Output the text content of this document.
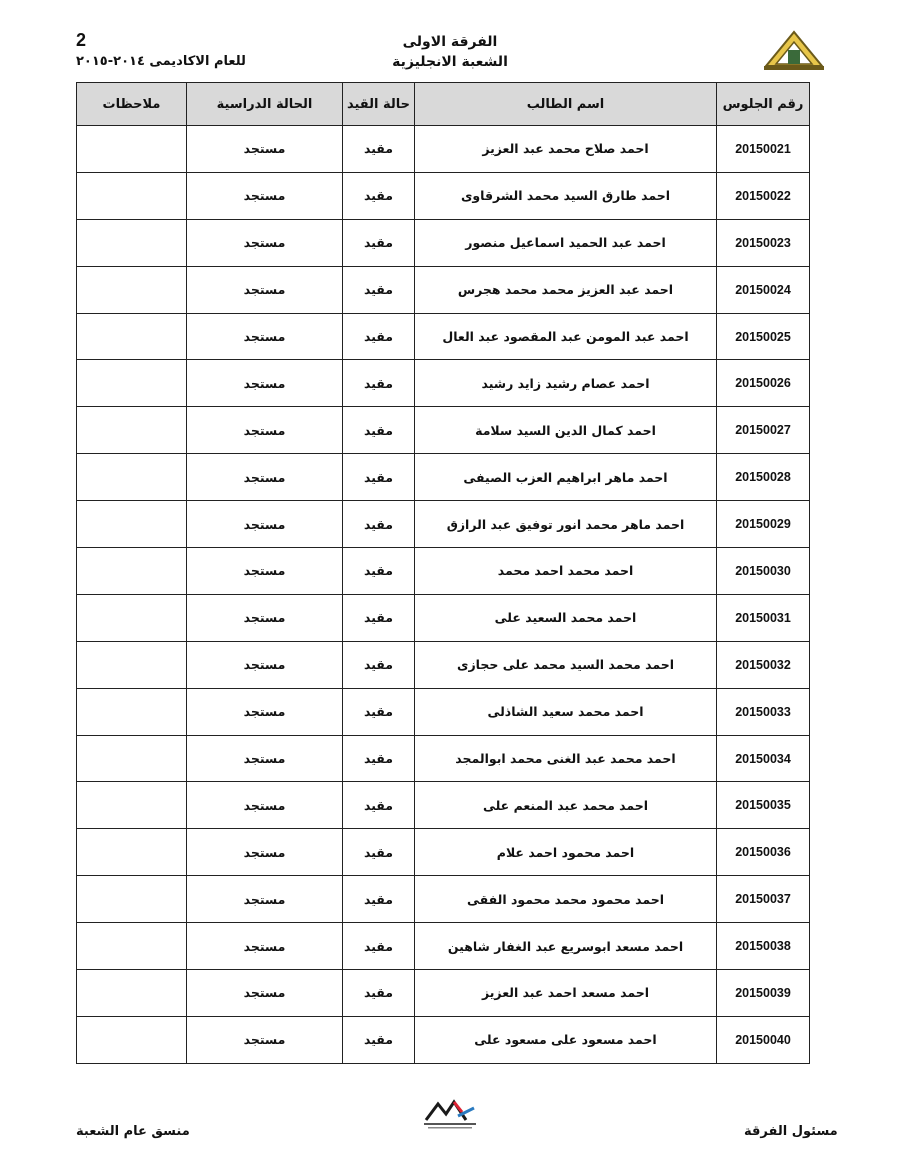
2
للعام الاكاديمى ٢٠١٤-٢٠١٥
الفرقة الاولى
الشعبة الانجليزية
ملاحظات	الحالة الدراسية	حالة القيد	اسم الطالب	رقم الجلوس
	مستجد	مقيد	احمد صلاح محمد عبد العزيز	20150021
	مستجد	مقيد	احمد طارق السيد محمد الشرقاوى	20150022
	مستجد	مقيد	احمد عبد الحميد اسماعيل منصور	20150023
	مستجد	مقيد	احمد عبد العزيز محمد محمد هجرس	20150024
	مستجد	مقيد	احمد عبد المومن عبد المقصود عبد العال	20150025
	مستجد	مقيد	احمد عصام رشيد زايد رشيد	20150026
	مستجد	مقيد	احمد كمال الدين السيد سلامة	20150027
	مستجد	مقيد	احمد ماهر ابراهيم العزب الصيفى	20150028
	مستجد	مقيد	احمد ماهر محمد انور توفيق عبد الرازق	20150029
	مستجد	مقيد	احمد محمد احمد محمد	20150030
	مستجد	مقيد	احمد محمد السعيد على	20150031
	مستجد	مقيد	احمد محمد السيد محمد على حجازى	20150032
	مستجد	مقيد	احمد محمد سعيد الشاذلى	20150033
	مستجد	مقيد	احمد محمد عبد الغنى محمد ابوالمجد	20150034
	مستجد	مقيد	احمد محمد عبد المنعم على	20150035
	مستجد	مقيد	احمد محمود احمد علام	20150036
	مستجد	مقيد	احمد محمود محمد محمود الفقى	20150037
	مستجد	مقيد	احمد مسعد ابوسريع عبد الغفار شاهين	20150038
	مستجد	مقيد	احمد مسعد احمد عبد العزيز	20150039
	مستجد	مقيد	احمد مسعود على مسعود على	20150040
مسئول الفرقة
منسق عام الشعبة
